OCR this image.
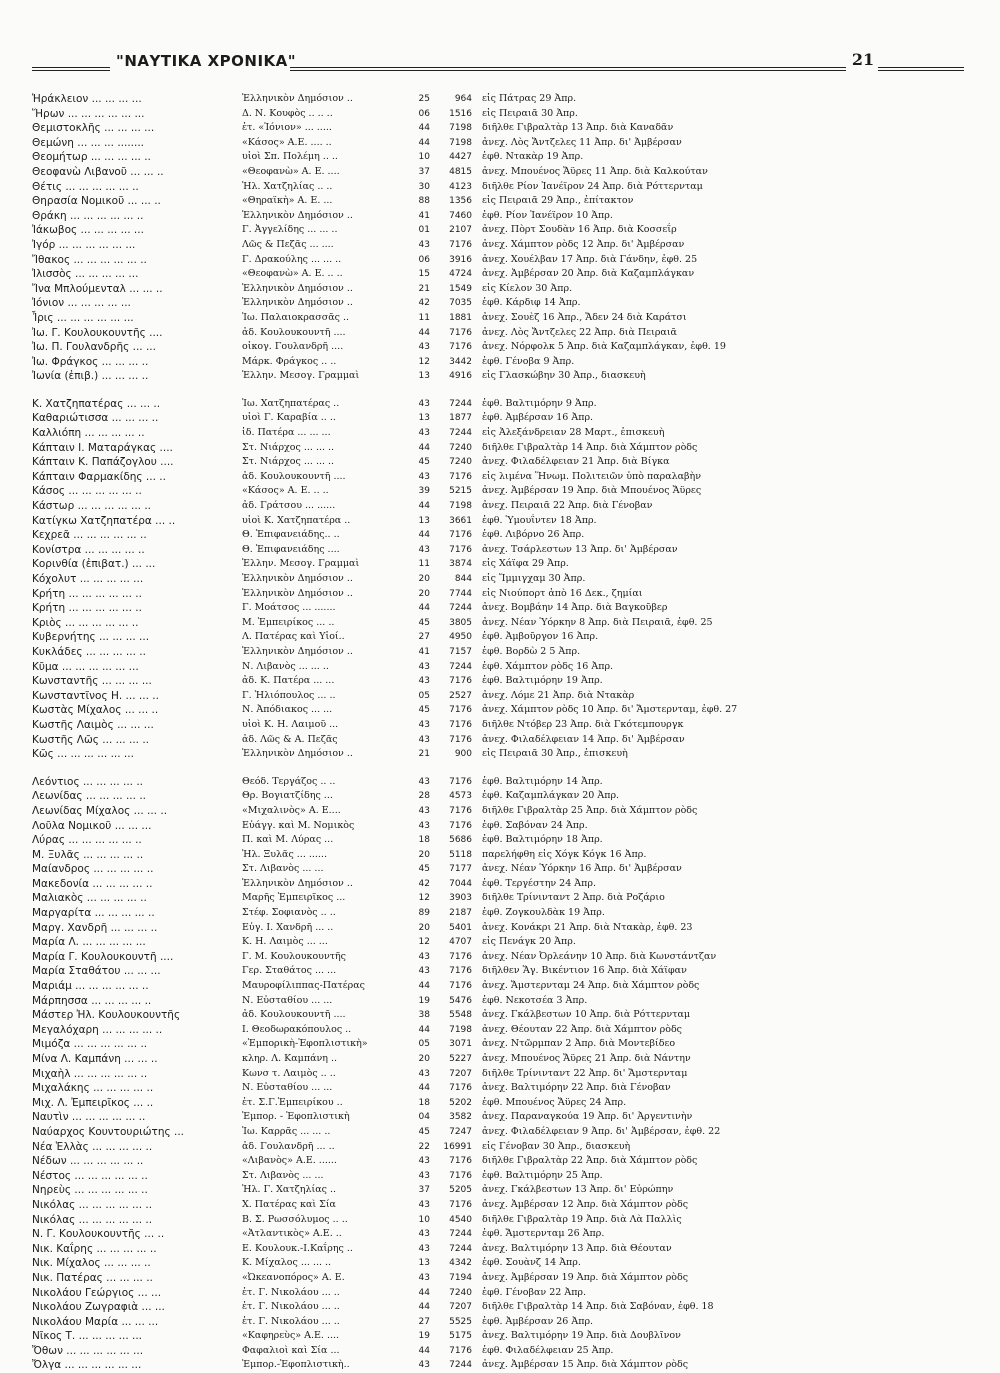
"ΝΑΥΤΙΚΑ ΧΡΟΝΙΚΑ"	21
Ἡράκλειον ... ... ... ...	Ἑλληνικὸν Δημόσιον ..	25	964 εἰς Πάτρας 29 Ἀπρ.
Ἥρων ... ... ... ... ... ...	Δ. Ν. Κουφὸς .. .. ..	06	1516 εἰς Πειραιᾶ 30 Ἀπρ.
Θεμιστοκλῆς ... ... ... ...	ἑτ. «Ἰόνιον» ... .....	44	7198 διῆλθε Γιβραλτὰρ 13 Ἀπρ. διὰ Καναδᾶν
Θεμώνη ... ... ... ........	«Κάσος» Α.Ε. .... ..	44	7198 ἀνεχ. Λὸς Ἄντζελες 11 Ἀπρ. δι' Ἀμβέρσαν
Θεομήτωρ ... ... ... ... ..	υἱοὶ Σπ. Πολέμη .. ..	10	4427 ἐφθ. Ντακὰρ 19 Ἀπρ.
Θεοφανὼ Λιβανοῦ ... ... ..	«Θεοφανὼ» Α. Ε. ....	37	4815 ἀνεχ. Μπουένος Ἄϋρες 11 Ἀπρ. διὰ Καλκούταν
Θέτις ... ... ... ... ... ..	Ἠλ. Χατζηλίας .. ..	30	4123 διῆλθε Ρίον Ἰανέϊρον 24 Ἀπρ. διὰ Ρόττερνταμ
Θηρασία Νομικοῦ ... ... ..	«Θηραϊκὴ» Α. Ε. ...	88	1356 εἰς Πειραιᾶ 29 Ἀπρ., ἐπίτακτον
Θράκη ... ... ... ... ... ..	Ἑλληνικὸν Δημόσιον ..	41	7460 ἐφθ. Ρίον Ἰανέϊρον 10 Ἀπρ.
Ἰάκωβος ... ... ... ... ...	Γ. Ἀγγελίδης ... ... ..	01	2107 ἀνεχ. Πὸρτ Σουδὰν 16 Ἀπρ. διὰ Κοσσεΐρ
Ἰγόρ ... ... ... ... ... ...	Λῶς & Πεζᾶς ... ....	43	7176 ἀνεχ. Χάμπτον ρὸδς 12 Ἀπρ. δι' Ἀμβέρσαν
Ἴθακος ... ... ... ... ... ..	Γ. Δρακούλης ... ... ..	06	3916 ἀνεχ. Χουέλβαν 17 Ἀπρ. διὰ Γάνδην, ἐφθ. 25
Ἰλισσὸς ... ... ... ... ...	«Θεοφανὼ» Α. Ε. .. ..	15	4724 ἀνεχ. Ἀμβέρσαν 20 Ἀπρ. διὰ Καζαμπλάγκαν
Ἴνα Μπλούμενταλ ... ... ..	Ἑλληνικὸν Δημόσιον ..	21	1549 εἰς Κίελον 30 Ἀπρ.
Ἰόνιον ... ... ... ... ...	Ἑλληνικὸν Δημόσιον ..	42	7035 ἐφθ. Κάρδιφ 14 Ἀπρ.
Ἶρις ... ... ... ... ... ...	Ἰω. Παλαιοκρασσᾶς ..	11	1881 ἀνεχ. Σουὲζ 16 Ἀπρ., Ἄδεν 24 διὰ Καράτσι
Ἰω. Γ. Κουλουκουντῆς ....	ἀδ. Κουλουκουντῆ ....	44	7176 ἀνεχ. Λὸς Ἄντζελες 22 Ἀπρ. διὰ Πειραιᾶ
Ἰω. Π. Γουλανδρῆς ... ...	οἰκογ. Γουλανδρῆ ....	43	7176 ἀνεχ. Νόρφολκ 5 Ἀπρ. διὰ Καζαμπλάγκαν, ἐφθ. 19
Ἰω. Φράγκος ... ... ... ..	Μάρκ. Φράγκος .. ..	12	3442 ἐφθ. Γένοβα 9 Ἀπρ.
Ἰωνία (ἐπιβ.) ... ... ... ..	Ἑλλην. Μεσογ. Γραμμαὶ	13	4916 εἰς Γλασκώβην 30 Ἀπρ., διασκευὴ
Κ. Χατζηπατέρας ... ... ..	Ἰω. Χατζηπατέρας ..	43	7244 ἐφθ. Βαλτιμόρην 9 Ἀπρ.
Καθαριώτισσα ... ... ... ..	υἱοὶ Γ. Καραβία .. ..	13	1877 ἐφθ. Ἀμβέρσαν 16 Ἀπρ.
Καλλιόπη ... ... ... ... ..	ἰδ. Πατέρα ... ... ...	43	7244 εἰς Ἀλεξάνδρειαν 28 Μαρτ., ἐπισκευὴ
Κάπταιν Ι. Ματαράγκας ....	Στ. Νιάρχος ... ... ..	44	7240 διῆλθε Γιβραλτὰρ 14 Ἀπρ. διὰ Χάμπτον ρὸδς
Κάπταιν Κ. Παπάζογλου ....	Στ. Νιάρχος ... ... ..	45	7240 ἀνεχ. Φιλαδέλφειαν 21 Ἀπρ. διὰ Βίγκα
Κάπταιν Φαρμακίδης ... ..	ἀδ. Κουλουκουντῆ ....	43	7176 εἰς λιμένα Ἥνωμ. Πολιτειῶν ὑπὸ παραλαβὴν
Κάσος ... ... ... ... ... ..	«Κάσος» Α. Ε. .. ..	39	5215 ἀνεχ. Ἀμβέρσαν 19 Ἀπρ. διὰ Μπουένος Ἄϋρες
Κάστωρ ... ... ... ... ... ..	ἀδ. Γράτσου ... ......	44	7198 ἀνεχ. Πειραιᾶ 22 Ἀπρ. διὰ Γένοβαν
Κατίγκω Χατζηπατέρα ... ..	υἱοὶ Κ. Χατζηπατέρα ..	13	3661 ἐφθ. Ὑμουΐντεν 18 Ἀπρ.
Κεχρεᾶ ... ... ... ... ... ..	Θ. Ἐπιφανειάδης.. ..	44	7176 ἐφθ. Λιβόρνο 26 Ἀπρ.
Κονίστρα ... ... ... ... ..	Θ. Ἐπιφανειάδης ....	43	7176 ἀνεχ. Τσάρλεστων 13 Ἀπρ. δι' Ἀμβέρσαν
Κορινθία (ἐπιβατ.) ... ...	Ἑλλην. Μεσογ. Γραμμαὶ	11	3874 εἰς Χάϊφα 29 Ἀπρ.
Κόχολυτ ... ... ... ... ...	Ἑλληνικὸν Δημόσιον ..	20	844 εἰς Ἴμμιγχαμ 30 Ἀπρ.
Κρήτη ... ... ... ... ... ..	Ἑλληνικὸν Δημόσιον ..	20	7744 εἰς Νιούπορτ ἀπὸ 16 Δεκ., ζημίαι
Κρήτη ... ... ... ... ... ..	Γ. Μοάτσος ... .......	44	7244 ἀνεχ. Βομβάην 14 Ἀπρ. διὰ Βαγκοῦβερ
Κριὸς ... ... ... ... ... ..	Μ. Ἐμπειρίκος ... ..	45	3805 ἀνεχ. Νέαν Ὑόρκην 8 Ἀπρ. διὰ Πειραιᾶ, ἐφθ. 25
Κυβερνήτης ... ... ... ...	Λ. Πατέρας καὶ Υἱοί..	27	4950 ἐφθ. Ἀμβοῦργον 16 Ἀπρ.
Κυκλάδες ... ... ... ... ..	Ἑλληνικὸν Δημόσιον ..	41	7157 ἐφθ. Βορδὼ 2 5 Ἀπρ.
Κῦμα ... ... ... ... ... ...	Ν. Λιβανὸς ... ... ..	43	7244 ἐφθ. Χάμπτον ρὸδς 16 Ἀπρ.
Κωνσταντῆς ... ... ... ...	ἀδ. Κ. Πατέρα ... ...	43	7176 ἐφθ. Βαλτιμόρην 19 Ἀπρ.
Κωνσταντῖνος Η. ... ... ..	Γ. Ἠλιόπουλος ... ..	05	2527 ἀνεχ. Λόμε 21 Ἀπρ. διὰ Ντακὰρ
Κωστὰς Μίχαλος ... ... ..	Ν. Ἀπόδιακος ... ...	45	7176 ἀνεχ. Χάμπτον ρὸδς 10 Ἀπρ. δι' Ἄμστερνταμ, ἐφθ. 27
Κωστῆς Λαιμὸς ... ... ...	υἱοὶ Κ. Η. Λαιμοῦ ...	43	7176 διῆλθε Ντόβερ 23 Ἀπρ. διὰ Γκότεμπουργκ
Κωστῆς Λῶς ... ... ... ..	ἀδ. Λῶς & Α. Πεζᾶς	43	7176 ἀνεχ. Φιλαδέλφειαν 14 Ἀπρ. δι' Ἀμβέρσαν
Κῶς ... ... ... ... ... ...	Ἑλληνικὸν Δημόσιον ..	21	900 εἰς Πειραιᾶ 30 Ἀπρ., ἐπισκευὴ
Λεόντιος ... ... ... ... ..	Θεόδ. Τεργάζος .. ..	43	7176 ἐφθ. Βαλτιμόρην 14 Ἀπρ.
Λεωνίδας ... ... ... ... ..	Θρ. Βογιατζίδης ...	28	4573 ἐφθ. Καζαμπλάγκαν 20 Ἀπρ.
Λεωνίδας Μίχαλος ... ... ..	«Μιχαλινὸς» Α. Ε....	43	7176 διῆλθε Γιβραλτὰρ 25 Ἀπρ. διὰ Χάμπτον ρὸδς
Λοῦλα Νομικοῦ ... ... ...	Εὐάγγ. καὶ Μ. Νομικὸς	43	7176 ἐφθ. Σαβόναν 24 Ἀπρ.
Λύρας ... ... ... ... ... ..	Π. καὶ Μ. Λύρας ...	18	5686 ἐφθ. Βαλτιμόρην 18 Ἀπρ.
Μ. Ξυλᾶς ... ... ... ... ..	Ἠλ. Ξυλᾶς ... ......	20	5118 παρελήφθη εἰς Χόγκ Κόγκ 16 Ἀπρ.
Μαίανδρος ... ... ... ... ..	Στ. Λιβανὸς ... ...	45	7177 ἀνεχ. Νέαν Ὑόρκην 16 Ἀπρ. δι' Ἀμβέρσαν
Μακεδονία ... ... ... ... ..	Ἑλληνικὸν Δημόσιον ..	42	7044 ἐφθ. Τεργέστην 24 Ἀπρ.
Μαλιακὸς ... ... ... ... ..	Μαρῆς Ἐμπειρῖκος ...	12	3903 διῆλθε Τρίνινταντ 2 Ἀπρ. διὰ Ροζάριο
Μαργαρίτα ... ... ... ... ..	Στέφ. Σοφιανὸς .. ..	89	2187 ἐφθ. Ζογκουλδὰκ 19 Ἀπρ.
Μαργ. Χανδρῆ ... ... ... ..	Εὐγ. Ι. Χανδρῆ ... ..	20	5401 ἀνεχ. Κονάκρι 21 Ἀπρ. διὰ Ντακὰρ, ἐφθ. 23
Μαρία Λ. ... ... ... ... ...	Κ. Η. Λαιμὸς ... ...	12	4707 εἰς Πενάγκ 20 Ἀπρ.
Μαρία Γ. Κουλουκουντῆ ....	Γ. Μ. Κουλουκουντῆς	43	7176 ἀνεχ. Νέαν Ὀρλεάνην 10 Ἀπρ. διὰ Κωνστάντζαν
Μαρία Σταθάτου ... ... ...	Γερ. Σταθάτος ... ...	43	7176 διῆλθεν Ἅγ. Βικέντιον 16 Ἀπρ. διὰ Χάϊφαν
Μαριάμ ... ... ... ... ... ..	Μαυροφίλιππας-Πατέρας	44	7176 ἀνεχ. Ἄμστερνταμ 24 Ἀπρ. διὰ Χάμπτον ρὸδς
Μάρπησσα ... ... ... ... ..	Ν. Εὐσταθίου ... ...	19	5476 ἐφθ. Νεκοτσέα 3 Ἀπρ.
Μάστερ Ἠλ. Κουλουκουντῆς	ἀδ. Κουλουκουντῆ ....	38	5548 ἀνεχ. Γκάλβεστων 10 Ἀπρ. διὰ Ρόττερνταμ
Μεγαλόχαρη ... ... ... ... ..	Ι. Θεοδωρακόπουλος ..	44	7198 ἀνεχ. Θέουταν 22 Ἀπρ. διὰ Χάμπτον ρὸδς
Μιμόζα ... ... ... ... ... ..	«Ἐμπορικὴ-Ἐφοπλιστικὴ»	05	3071 ἀνεχ. Ντῶρμπαν 2 Ἀπρ. διὰ Μοντεβίδεο
Μίνα Λ. Καμπάνη ... ... ..	κληρ. Λ. Καμπάνη ..	20	5227 ἀνεχ. Μπουένος Ἄϋρες 21 Ἀπρ. διὰ Νάντην
Μιχαὴλ ... ... ... ... ... ..	Κωνσ τ. Λαιμὸς .. ..	43	7207 διῆλθε Τρίνινταντ 22 Ἀπρ. δι' Ἄμστερνταμ
Μιχαλάκης ... ... ... ... ..	Ν. Εὐσταθίου ... ...	44	7176 ἀνεχ. Βαλτιμόρην 22 Ἀπρ. διὰ Γένοβαν
Μιχ. Λ. Ἐμπειρῖκος ... ..	ἑτ. Σ.Γ.Ἐμπειρίκου ..	18	5202 ἐφθ. Μπουένος Ἄϋρες 24 Ἀπρ.
Ναυτὶν ... ... ... ... ... ..	Ἐμπορ. - Ἐφοπλιστικὴ	04	3582 ἀνεχ. Παραναγκούα 19 Ἀπρ. δι' Ἀργεντινὴν
Ναύαρχος Κουντουριώτης ...	Ἰω. Καρρᾶς ... ... ..	45	7247 ἀνεχ. Φιλαδέλφειαν 9 Ἀπρ. δι' Ἀμβέρσαν, ἐφθ. 22
Νέα Ἑλλὰς ... ... ... ... ..	ἀδ. Γουλανδρῆ ... ..	22	16991 εἰς Γένοβαν 30 Ἀπρ., διασκευὴ
Νέδων ... ... ... ... ... ..	«Λιβανὸς» Α.Ε. ......	43	7176 διῆλθε Γιβραλτὰρ 22 Ἀπρ. διὰ Χάμπτον ρὸδς
Νέστος ... ... ... ... ... ..	Στ. Λιβανὸς ... ...	43	7176 ἐφθ. Βαλτιμόρην 25 Ἀπρ.
Νηρεὺς ... ... ... ... ... ..	Ἠλ. Γ. Χατζηλίας ..	37	5205 ἀνεχ. Γκάλβεστων 13 Ἀπρ. δι' Εὐρώπην
Νικόλας ... ... ... ... ... ..	Χ. Πατέρας καὶ Σία	43	7176 ἀνεχ. Ἀμβέρσαν 12 Ἀπρ. διὰ Χάμπτον ρὸδς
Νικόλας ... ... ... ... ... ..	Β. Σ. Ρωσσόλυμος .. ..	10	4540 διῆλθε Γιβραλτὰρ 19 Ἀπρ. διὰ Λὰ Παλλὶς
Ν. Γ. Κουλουκουντῆς ... ..	«Ἀτλαντικὸς» Α.Ε. ..	43	7244 ἐφθ. Ἄμστερνταμ 26 Ἀπρ.
Νικ. Καΐρης ... ... ... ... ..	Ε. Κουλουκ.-Ι.Καΐρης ..	43	7244 ἀνεχ. Βαλτιμόρην 13 Ἀπρ. διὰ Θέουταν
Νικ. Μίχαλος ... ... ... ..	Κ. Μίχαλος ... ... ..	13	4342 ἐφθ. Σουὰνζ 14 Ἀπρ.
Νικ. Πατέρας ... ... ... ..	«Ὠκεανοπόρος» Α. Ε.	43	7194 ἀνεχ. Ἀμβέρσαν 19 Ἀπρ. διὰ Χάμπτον ρὸδς
Νικολάου Γεώργιος ... ...	ἑτ. Γ. Νικολάου ... ..	44	7240 ἐφθ. Γένοβαν 22 Ἀπρ.
Νικολάου Ζωγραφιὰ ... ...	ἑτ. Γ. Νικολάου ... ..	44	7207 διῆλθε Γιβραλτὰρ 14 Ἀπρ. διὰ Σαβόναν, ἐφθ. 18
Νικολάου Μαρία ... ... ...	ἑτ. Γ. Νικολάου ... ..	27	5525 ἐφθ. Ἀμβέρσαν 26 Ἀπρ.
Νῖκος Τ. ... ... ... ... ...	«Καφηρεὺς» Α.Ε. ....	19	5175 ἀνεχ. Βαλτιμόρην 19 Ἀπρ. διὰ Δουβλῖνον
Ὄθων ... ... ... ... ... ...	Φαφαλιοὶ καὶ Σία ...	44	7176 ἐφθ. Φιλαδέλφειαν 25 Ἀπρ.
Ὄλγα ... ... ... ... ... ...	Ἐμπορ.-Ἐφοπλιστικὴ..	43	7244 ἀνεχ. Ἀμβέρσαν 15 Ἀπρ. διὰ Χάμπτον ρὸδς
